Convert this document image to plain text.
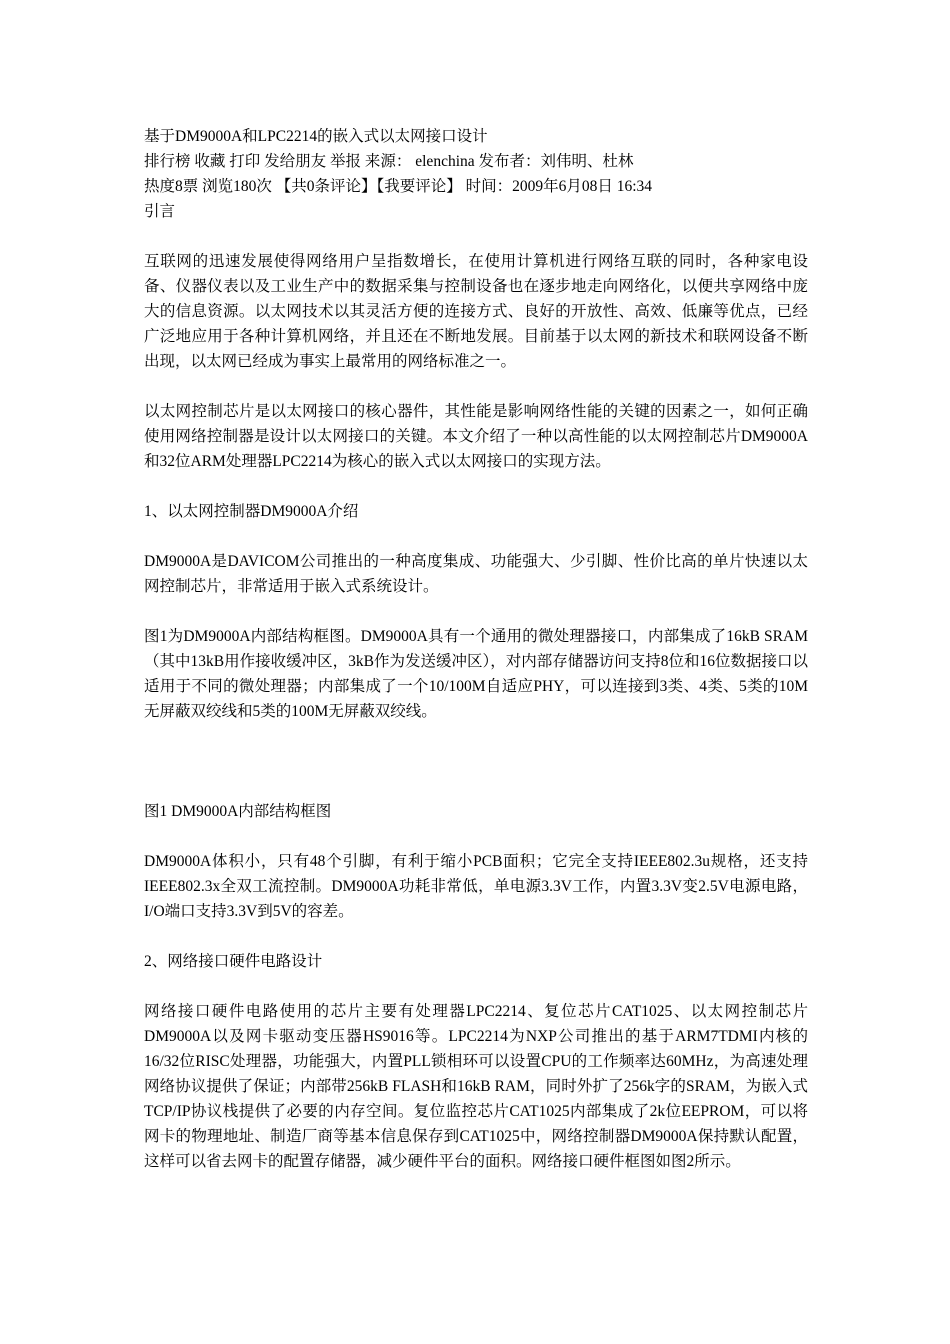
基于DM9000A和LPC2214的嵌入式以太网接口设计

排行榜 收藏 打印 发给朋友 举报 来源： elenchina 发布者：刘伟明、杜林

热度8票 浏览180次 【共0条评论】【我要评论】 时间：2009年6月08日 16:34

引言

互联网的迅速发展使得网络用户呈指数增长，在使用计算机进行网络互联的同时，各种家电设备、仪器仪表以及工业生产中的数据采集与控制设备也在逐步地走向网络化，以便共享网络中庞大的信息资源。以太网技术以其灵活方便的连接方式、良好的开放性、高效、低廉等优点，已经广泛地应用于各种计算机网络，并且还在不断地发展。目前基于以太网的新技术和联网设备不断出现，以太网已经成为事实上最常用的网络标准之一。

以太网控制芯片是以太网接口的核心器件，其性能是影响网络性能的关键的因素之一，如何正确使用网络控制器是设计以太网接口的关键。本文介绍了一种以高性能的以太网控制芯片DM9000A和32位ARM处理器LPC2214为核心的嵌入式以太网接口的实现方法。

1、以太网控制器DM9000A介绍

DM9000A是DAVICOM公司推出的一种高度集成、功能强大、少引脚、性价比高的单片快速以太网控制芯片，非常适用于嵌入式系统设计。

图1为DM9000A内部结构框图。DM9000A具有一个通用的微处理器接口，内部集成了16kB SRAM（其中13kB用作接收缓冲区，3kB作为发送缓冲区），对内部存储器访问支持8位和16位数据接口以适用于不同的微处理器；内部集成了一个10/100M自适应PHY，可以连接到3类、4类、5类的10M无屏蔽双绞线和5类的100M无屏蔽双绞线。

图1 DM9000A内部结构框图

DM9000A体积小，只有48个引脚，有利于缩小PCB面积；它完全支持IEEE802.3u规格，还支持IEEE802.3x全双工流控制。DM9000A功耗非常低，单电源3.3V工作，内置3.3V变2.5V电源电路，I/O端口支持3.3V到5V的容差。

2、网络接口硬件电路设计

网络接口硬件电路使用的芯片主要有处理器LPC2214、复位芯片CAT1025、以太网控制芯片DM9000A以及网卡驱动变压器HS9016等。LPC2214为NXP公司推出的基于ARM7TDMI内核的16/32位RISC处理器，功能强大，内置PLL锁相环可以设置CPU的工作频率达60MHz，为高速处理网络协议提供了保证；内部带256kB FLASH和16kB RAM，同时外扩了256k字的SRAM，为嵌入式TCP/IP协议栈提供了必要的内存空间。复位监控芯片CAT1025内部集成了2k位EEPROM，可以将网卡的物理地址、制造厂商等基本信息保存到CAT1025中，网络控制器DM9000A保持默认配置，这样可以省去网卡的配置存储器，减少硬件平台的面积。网络接口硬件框图如图2所示。
